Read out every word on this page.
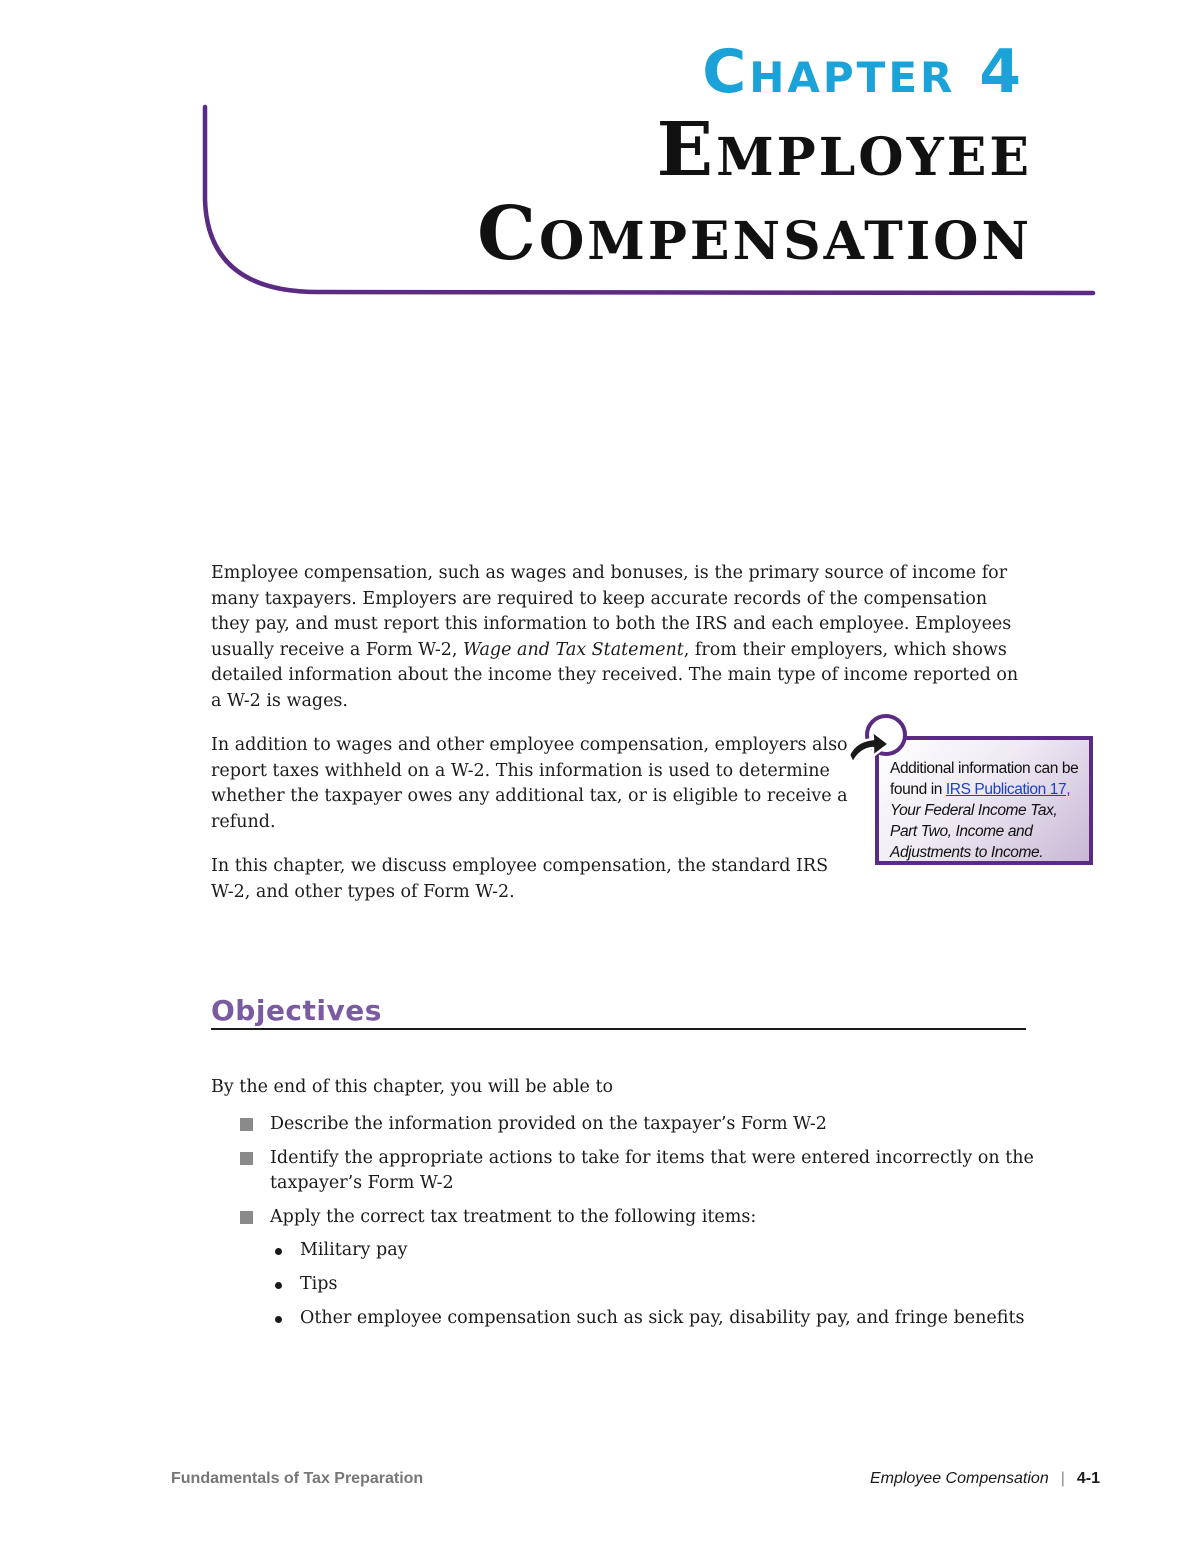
Chapter 4
Employee
Compensation

Employee compensation, such as wages and bonuses, is the primary source of income for many taxpayers. Employers are required to keep accurate records of the compensation they pay, and must report this information to both the IRS and each employee. Employees usually receive a Form W-2, Wage and Tax Statement, from their employers, which shows detailed information about the income they received. The main type of income reported on a W-2 is wages.

In addition to wages and other employee compensation, employers also report taxes withheld on a W-2. This information is used to determine whether the taxpayer owes any additional tax, or is eligible to receive a refund.

In this chapter, we discuss employee compensation, the standard IRS W-2, and other types of Form W-2.

Additional information can be found in IRS Publication 17, Your Federal Income Tax, Part Two, Income and Adjustments to Income.
Objectives

By the end of this chapter, you will be able to

Describe the information provided on the taxpayer’s Form W-2
Identify the appropriate actions to take for items that were entered incorrectly on the taxpayer’s Form W-2
Apply the correct tax treatment to the following items:
Military pay
Tips
Other employee compensation such as sick pay, disability pay, and fringe benefits
Fundamentals of Tax Preparation	Employee Compensation | 4-1
